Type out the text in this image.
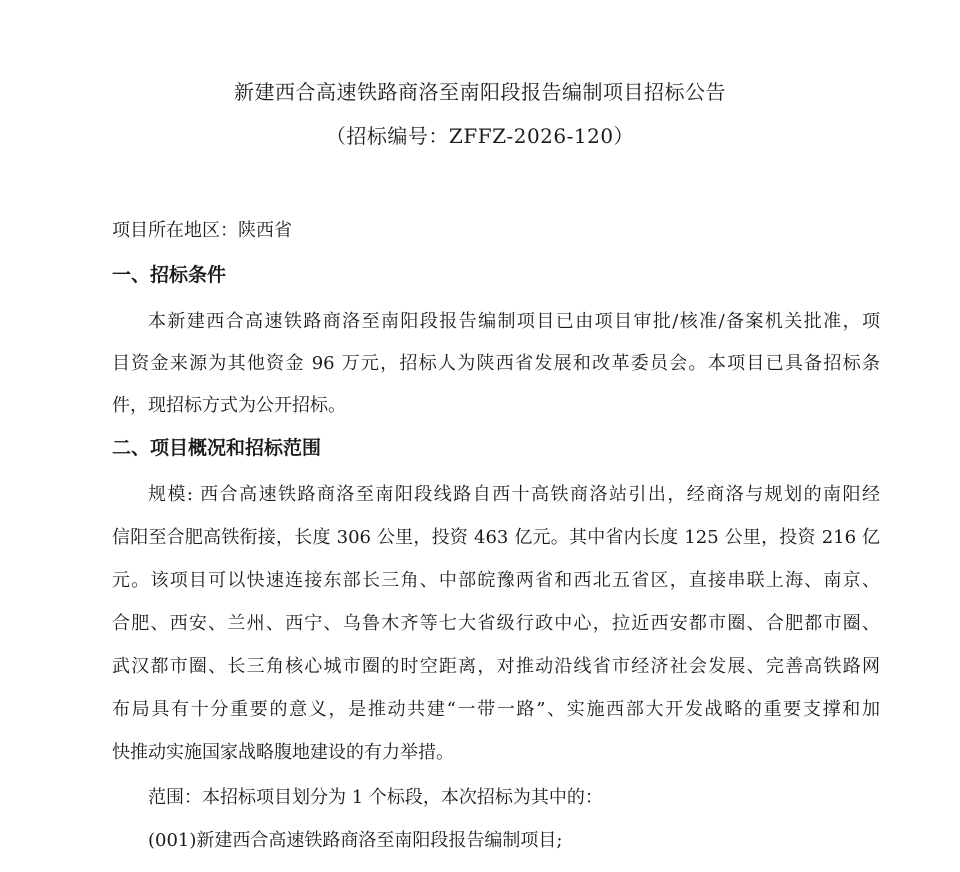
新建西合高速铁路商洛至南阳段报告编制项目招标公告
（招标编号：ZFFZ-2026-120）
项目所在地区：陕西省
一、招标条件
本新建西合高速铁路商洛至南阳段报告编制项目已由项目审批/核准/备案机关批准，项
目资金来源为其他资金 96 万元，招标人为陕西省发展和改革委员会。本项目已具备招标条
件，现招标方式为公开招标。
二、项目概况和招标范围
规模: 西合高速铁路商洛至南阳段线路自西十高铁商洛站引出，经商洛与规划的南阳经
信阳至合肥高铁衔接，长度 306 公里，投资 463 亿元。其中省内长度 125 公里，投资 216 亿
元。该项目可以快速连接东部长三角、中部皖豫两省和西北五省区，直接串联上海、南京、
合肥、西安、兰州、西宁、乌鲁木齐等七大省级行政中心，拉近西安都市圈、合肥都市圈、
武汉都市圈、长三角核心城市圈的时空距离，对推动沿线省市经济社会发展、完善高铁路网
布局具有十分重要的意义，是推动共建“一带一路”、实施西部大开发战略的重要支撑和加
快推动实施国家战略腹地建设的有力举措。
范围：本招标项目划分为 1 个标段，本次招标为其中的：
(001)新建西合高速铁路商洛至南阳段报告编制项目;
